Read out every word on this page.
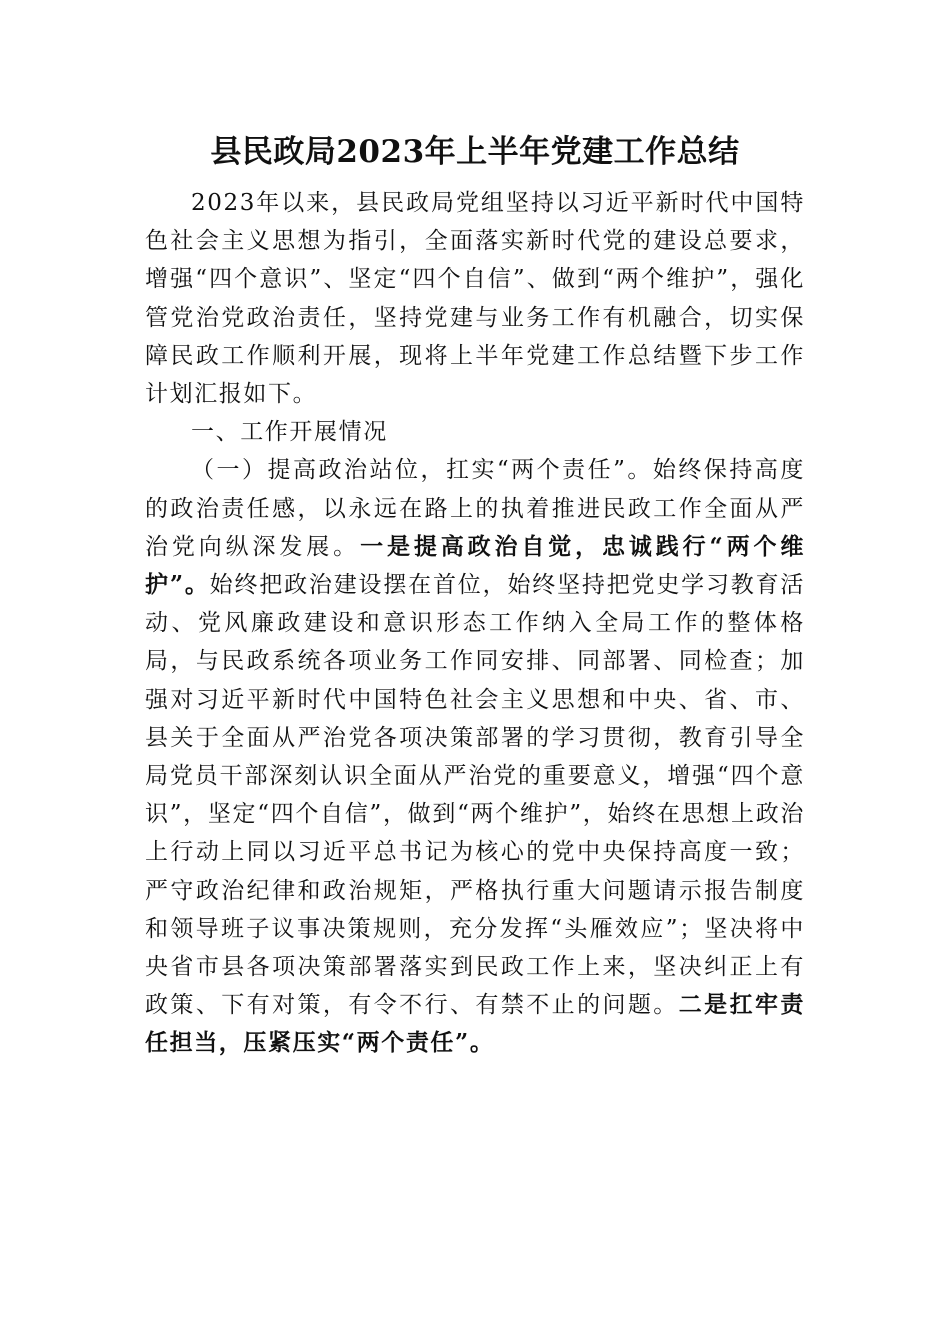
县民政局2023年上半年党建工作总结

2023年以来，县民政局党组坚持以习近平新时代中国特色社会主义思想为指引，全面落实新时代党的建设总要求，增强“四个意识”、坚定“四个自信”、做到“两个维护”，强化管党治党政治责任，坚持党建与业务工作有机融合，切实保障民政工作顺利开展，现将上半年党建工作总结暨下步工作计划汇报如下。

一、工作开展情况

（一）提高政治站位，扛实“两个责任”。始终保持高度的政治责任感，以永远在路上的执着推进民政工作全面从严治党向纵深发展。一是提高政治自觉，忠诚践行“两个维护”。始终把政治建设摆在首位，始终坚持把党史学习教育活动、党风廉政建设和意识形态工作纳入全局工作的整体格局，与民政系统各项业务工作同安排、同部署、同检查；加强对习近平新时代中国特色社会主义思想和中央、省、市、县关于全面从严治党各项决策部署的学习贯彻，教育引导全局党员干部深刻认识全面从严治党的重要意义，增强“四个意识”，坚定“四个自信”，做到“两个维护”，始终在思想上政治上行动上同以习近平总书记为核心的党中央保持高度一致；严守政治纪律和政治规矩，严格执行重大问题请示报告制度和领导班子议事决策规则，充分发挥“头雁效应”；坚决将中央省市县各项决策部署落实到民政工作上来，坚决纠正上有政策、下有对策，有令不行、有禁不止的问题。二是扛牢责任担当，压紧压实“两个责任”。
